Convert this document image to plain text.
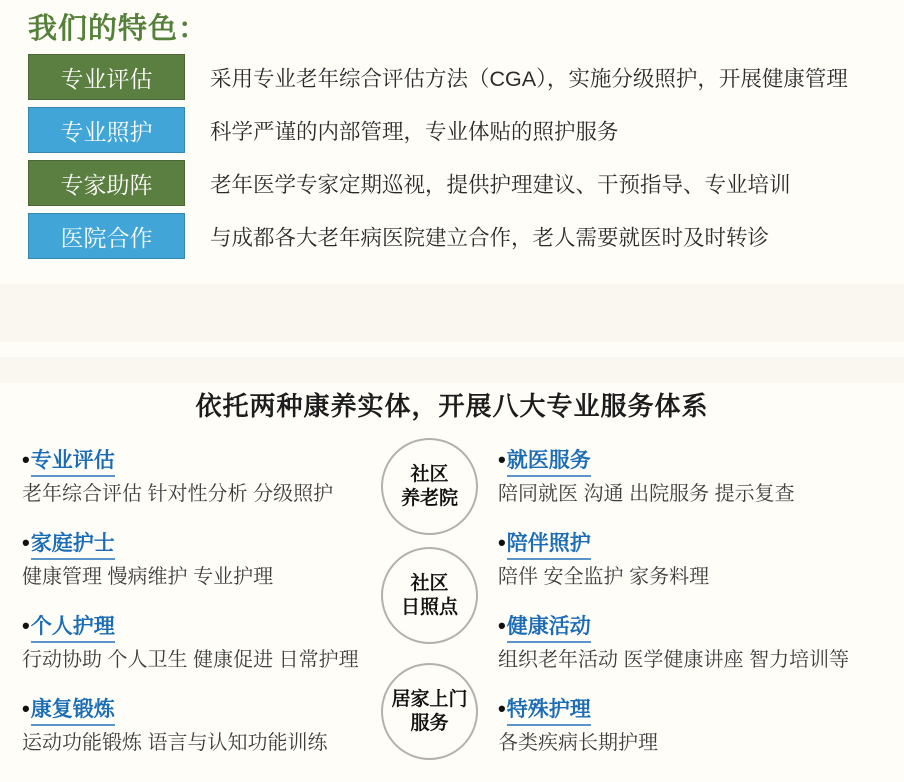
我们的特色：
专业评估	采用专业老年综合评估方法（CGA），实施分级照护，开展健康管理
专业照护	科学严谨的内部管理，专业体贴的照护服务
专家助阵	老年医学专家定期巡视，提供护理建议、干预指导、专业培训
医院合作	与成都各大老年病医院建立合作，老人需要就医时及时转诊
依托两种康养实体，开展八大专业服务体系
•专业评估
老年综合评估 针对性分析 分级照护
•家庭护士
健康管理 慢病维护 专业护理
•个人护理
行动协助 个人卫生 健康促进 日常护理
•康复锻炼
运动功能锻炼 语言与认知功能训练
社区
养老院
社区
日照点
居家上门
服务
•就医服务
陪同就医 沟通 出院服务 提示复查
•陪伴照护
陪伴 安全监护 家务料理
•健康活动
组织老年活动 医学健康讲座 智力培训等
•特殊护理
各类疾病长期护理
